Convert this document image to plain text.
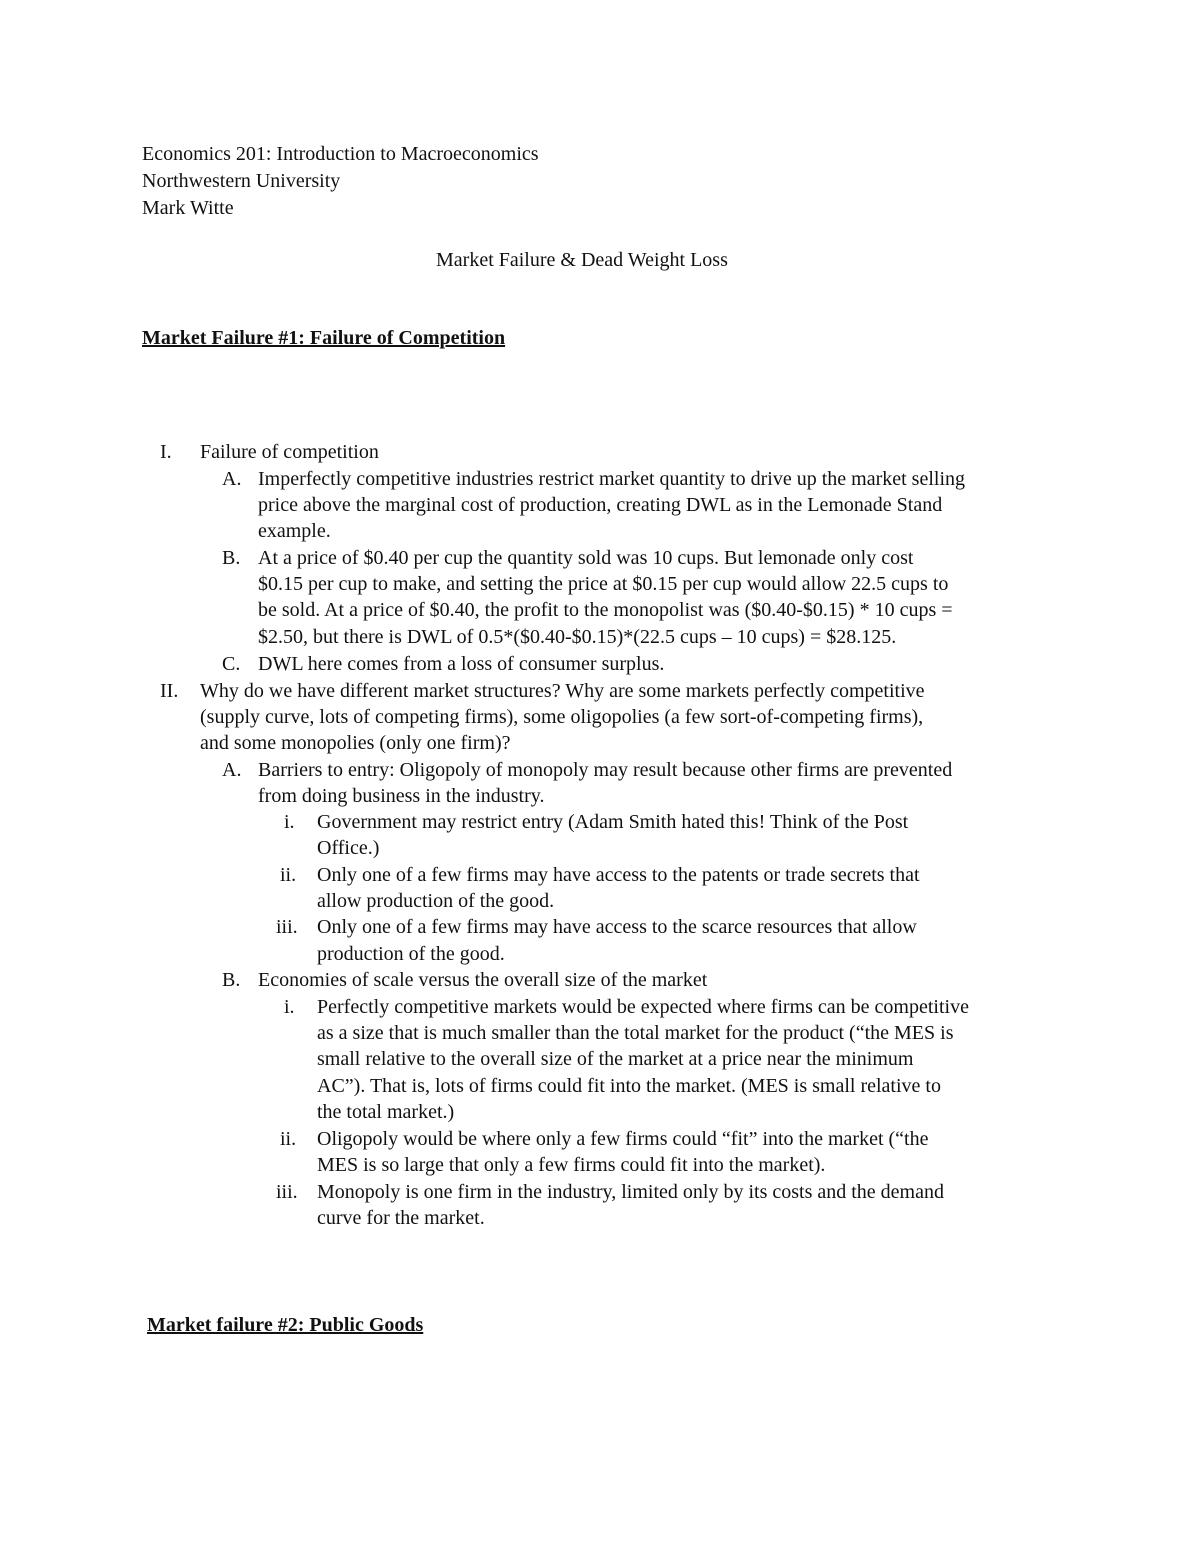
Economics 201: Introduction to Macroeconomics
Northwestern University
Mark Witte
Market Failure & Dead Weight Loss
Market Failure #1: Failure of Competition
I. Failure of competition
A. Imperfectly competitive industries restrict market quantity to drive up the market selling
price above the marginal cost of production, creating DWL as in the Lemonade Stand
example.
B. At a price of $0.40 per cup the quantity sold was 10 cups. But lemonade only cost
$0.15 per cup to make, and setting the price at $0.15 per cup would allow 22.5 cups to
be sold. At a price of $0.40, the profit to the monopolist was ($0.40-$0.15) * 10 cups =
$2.50, but there is DWL of 0.5*($0.40-$0.15)*(22.5 cups – 10 cups) = $28.125.
C. DWL here comes from a loss of consumer surplus.
II. Why do we have different market structures? Why are some markets perfectly competitive
(supply curve, lots of competing firms), some oligopolies (a few sort-of-competing firms),
and some monopolies (only one firm)?
A. Barriers to entry: Oligopoly of monopoly may result because other firms are prevented
from doing business in the industry.
i. Government may restrict entry (Adam Smith hated this! Think of the Post
Office.)
ii. Only one of a few firms may have access to the patents or trade secrets that
allow production of the good.
iii. Only one of a few firms may have access to the scarce resources that allow
production of the good.
B. Economies of scale versus the overall size of the market
i. Perfectly competitive markets would be expected where firms can be competitive
as a size that is much smaller than the total market for the product (“the MES is
small relative to the overall size of the market at a price near the minimum
AC”). That is, lots of firms could fit into the market. (MES is small relative to
the total market.)
ii. Oligopoly would be where only a few firms could “fit” into the market (“the
MES is so large that only a few firms could fit into the market).
iii. Monopoly is one firm in the industry, limited only by its costs and the demand
curve for the market.
Market failure #2: Public Goods
